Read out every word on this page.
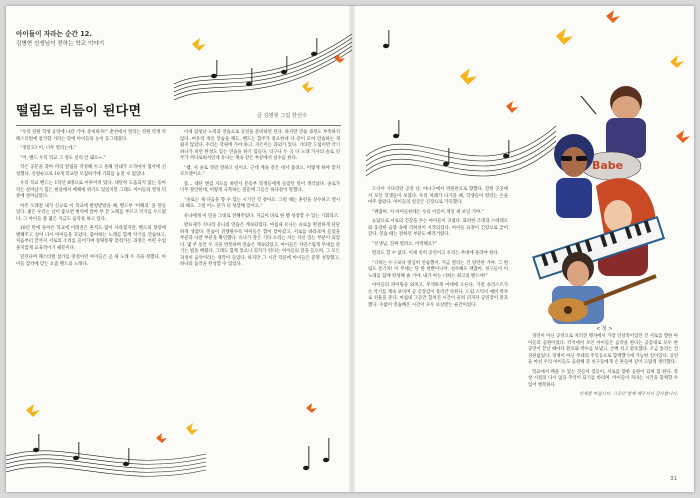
아이들이 자라는 순간 12.
김병현 선생님이 전하는 학교 이야기
떨림도 리듬이 된다면	글 김병현 그림 한선주

“우리 강원 학생 공연에 나갈 거야. 준비하자!” 춘천에서 열리는 강원 학생 악 페스티벌에 참가할 거라는 말에 아이들의 눈이 동그래졌다.

“정말요? 어, 너무 떨리는데.”

“어, 밴드 우리 학교 그 정도 실력 안 돼요~.”

작은 공문을 찾아 미리 알림을 작성해 두고 올해 연내가 오자마자 협서에 신청했다. 신청순으로 10개 학교만 모집하기에 기회를 놓칠 수 없었다.

우리 학교 밴드는 1학년 8명으로 이루어져 있다. 대단히 도움되지 않는 동아리는 살아남기 힘든 현실에서 매체에 위기도 있었지만 그래도 아이들의 열정 덕분에 살아남았다.

아주 오래전 내가 신규로 이 학교에 발령받았을 때, 밴드부 ‘이해의’ 을 만들었다. 젊은 우리는 날이 좋으면 변치에 앉아 부 끝 노래를 부르고 악기를 두드렸다. 그 아이들 중 몇은 지금도 음악을 하고 있다.

10년 만에 돌아온 학교에 이래전은 흔적도 없이 사라졌지만, 밴드의 향장에 별해주고 싶어 다시 아이들을 모았다. 좋아하는 노래를 함께 악기를 연습하고, 처음부터 끝까지 서로의 소리를 들어가며 똥땅똥땅 맞춰가는 과정은 어떤 수업 못지않게 교육적이기 때문이다.

밀린다며 페스티벌 참가를 망설이던 아이들은 곧 새 노래 두 곡을 정했다. 아이들 감각에 맞는 요즘 밴드의 노래다.

이제 엄청난 노력과 연습으로 공연을 준비하면 된다. 하지만 연습 과정도 부족하지 않다. 여유리 개인 연습을 해도, 밴드는 합주가 중요한데 다 같이 모여 연습하는 게 쉽지 않았다. 수리는 학원에 가야 하고, 지은이는 과외가 있다. 기타만 드럼이만 악기 하나가 비면 완성도 있는 연습을 하기 힘들다. 더구나 두 곡 다 노래 가사의 솔로 연주가 까다로워서인데 유나는 계속 같은 부분에서 실수를 한다.

“쌤, 저 솔로 정말 잘하고 싶어요. 근데 계속 같은 데서 틀려요. 어떻게 하야 할지 모르겠어요.”

흠... 대단 엔검 지도를 하면서 문동부 학생들에게 들었던 말이 생각났다. 솔로가 너무 잘안한데, 어떻게 극복하는 질문에 그들은 하나같이 말했다.

“솔로는 제 다음을 향 수 있는 시기인 것 같아요. 그럴 때는 훈련을 실수하고 엘시와 해요. 그럴 어느 분가 더 성장해 있어요.”

유나에게 이 말을 그대로 전해주었다. 지금이 바로 한 뼘 성장할 수 있는 기회라고.

발표제가 지나라 유나의 연습은 계속되었다. 마침내 유나는 솔로를 완전하게 단단하게 생겼다. 연습이 진행될수록 아이들은 합이 맞아갔고, 서로를 바라보며 들었을 부분과 나갈 부분을 확인했다. 유나가 잘은 기타 소리는 자는 자신 있는 부분이 되었다. 몇 주 동안 두 곡을 반복하며 연습은 계속되었고, 아이들은 자연스럽게 무대를 즐기는 법을 배웠다. 그래도 함께 있으니 의지가 된다는 아이들의 말을 들으며, 그 모든 과정이 음악이라는 생각이 들었다. 하지만 그 시간 덕분에 아이들은 분명 성장했고, 하나의 음악을 완성할 수 있었다.

Babe

드디어 기다리던 공연 날. 야나구에서 박물관으로 향했다. 강원 곳곳에서 모인 학생들이 보였다. 우리 차례가 다가올 때, 학생들이 떨리는 손을 마주 잡았다. 아이들의 얼굴은 긴장으로 가득했다.

“괜찮아. 저 아이들한테는 우리 이름이 계일 세 보일 거야.”

농담으로 서로의 긴장을 푸는 아이들이 귀엽다. 화려한 조명과 스테레오와 웅장한 음향 속에 리허설이 시작되었다. 아이들 표정이 긴장으로 굳어갔다. 연습 때는 잘하던 부분도 삐걱거렸다.

“선생님, 진짜 떨려요. 어떡해요?”

떨리도 할 수 없다. 이제 친히 공연이고 우리는 무대에 올라야 한다.

“너희는 누구보다 열심히 연습했어. 지금 떨리는 건 당연한 거야. 그 떨림도 즐기자! 이 무대는 단 한 번뿐이니까. 실수해도 괜찮아. 친구들이 이 노래를 함께 완성해 줄 거야. 내가 아는 너희는 최고의 밴드야!”

아이들의 파이팅을 외치고, 무색하게 마대에 오른다. 가진 솔리스트가 손 악기를 계속 보이며 곧 긴장감이 흘러간 뜻한다. 드럼 스틱이 예비 박자로 선율을 준다. 마침내 그들만 합쳐진 시간이 울려 퍼지자 공연장이 환호했다. 수없이 연습해온 시간이 모두 보상받는 순간이었다.

< 첫 >

경연이 아닌 공연으로 치러진 행사에서 가장 인상적이었던 건 서로를 향한 아이들의 응원이었다. 각지에서 모인 아이들은 음악을 한다는 공감대로 모두 한 공연이 끝날 때마다 환호와 박수를 보냈고, 손뼉 치고 환호했다. 조금 틀리는 건 상관없었다. 경쟁이 아닌 무대의 주인공으로 함께했기에 가능한 일이었다. 공연을 마친 우리 아이들도 응원해 준 친구들에게 손 흔들며 깊이 고맙게 생각했다.

학교에서 배울 수 있는 것들이 있듯이, 서로를 향한 응원이 되며 힘 한다. 학창 시절의 다시 없을 추억이 되기를 바라며. 아이들이 자라는 시간을 함께할 수 있어 행복하다.

연재를 마칩니다. 그동안 함께 해주셔서 감사합니다.

31
